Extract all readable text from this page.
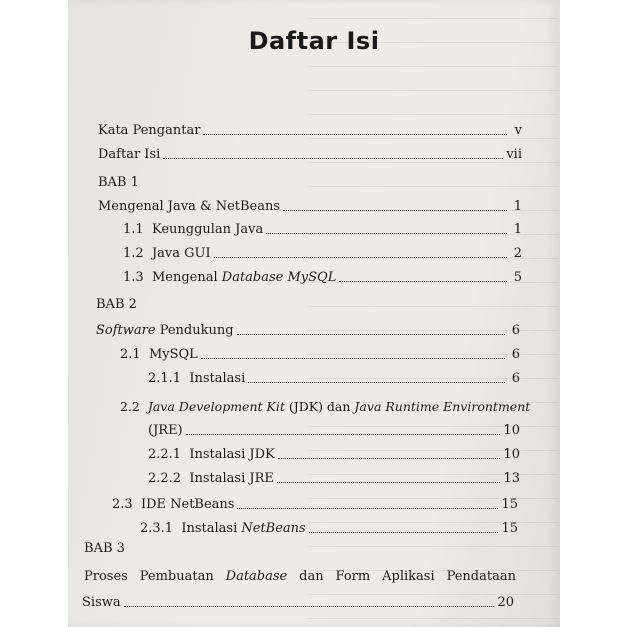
Daftar Isi
Kata Pengantar	v
Daftar Isi	vii
BAB 1
Mengenal Java & NetBeans	1
1.1 Keunggulan Java	1
1.2 Java GUI	2
1.3 Mengenal Database MySQL	5
BAB 2
Software Pendukung	6
2.1 MySQL	6
2.1.1 Instalasi	6
2.2 Java Development Kit (JDK) dan Java Runtime Environtment
(JRE)	10
2.2.1 Instalasi JDK	10
2.2.2 Instalasi JRE	13
2.3 IDE NetBeans	15
2.3.1 Instalasi NetBeans	15
BAB 3
Proses Pembuatan Database dan Form Aplikasi Pendataan
Siswa	20
